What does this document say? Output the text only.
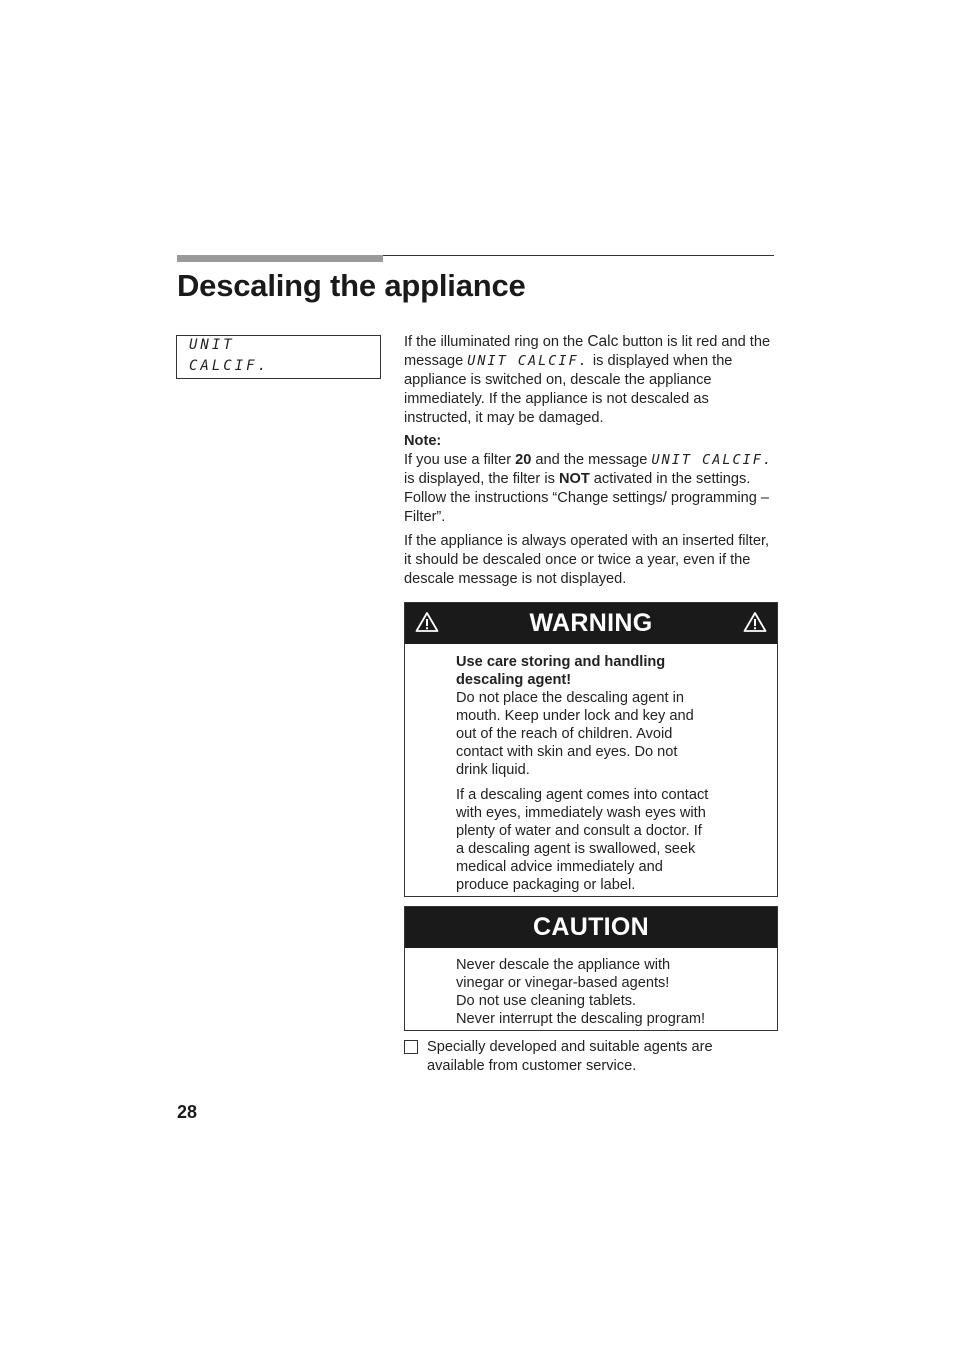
Descaling the appliance
UNIT
CALCIF.
If the illuminated ring on the Calc button is lit red and the message UNIT CALCIF. is displayed when the appliance is switched on, descale the appliance immediately. If the appliance is not descaled as instructed, it may be damaged.
Note:
If you use a filter 20 and the message UNIT CALCIF. is displayed, the filter is NOT activated in the settings. Follow the instructions “Change settings/ programming – Filter”.
If the appliance is always operated with an inserted filter, it should be descaled once or twice a year, even if the descale message is not displayed.
WARNING
Use care storing and handling
descaling agent!
Do not place the descaling agent in
mouth. Keep under lock and key and
out of the reach of children. Avoid
contact with skin and eyes. Do not
drink liquid.
If a descaling agent comes into contact
with eyes, immediately wash eyes with
plenty of water and consult a doctor. If
a descaling agent is swallowed, seek
medical advice immediately and
produce packaging or label.
CAUTION
Never descale the appliance with
vinegar or vinegar-based agents!
Do not use cleaning tablets.
Never interrupt the descaling program!
Specially developed and suitable agents are
available from customer service.
28
